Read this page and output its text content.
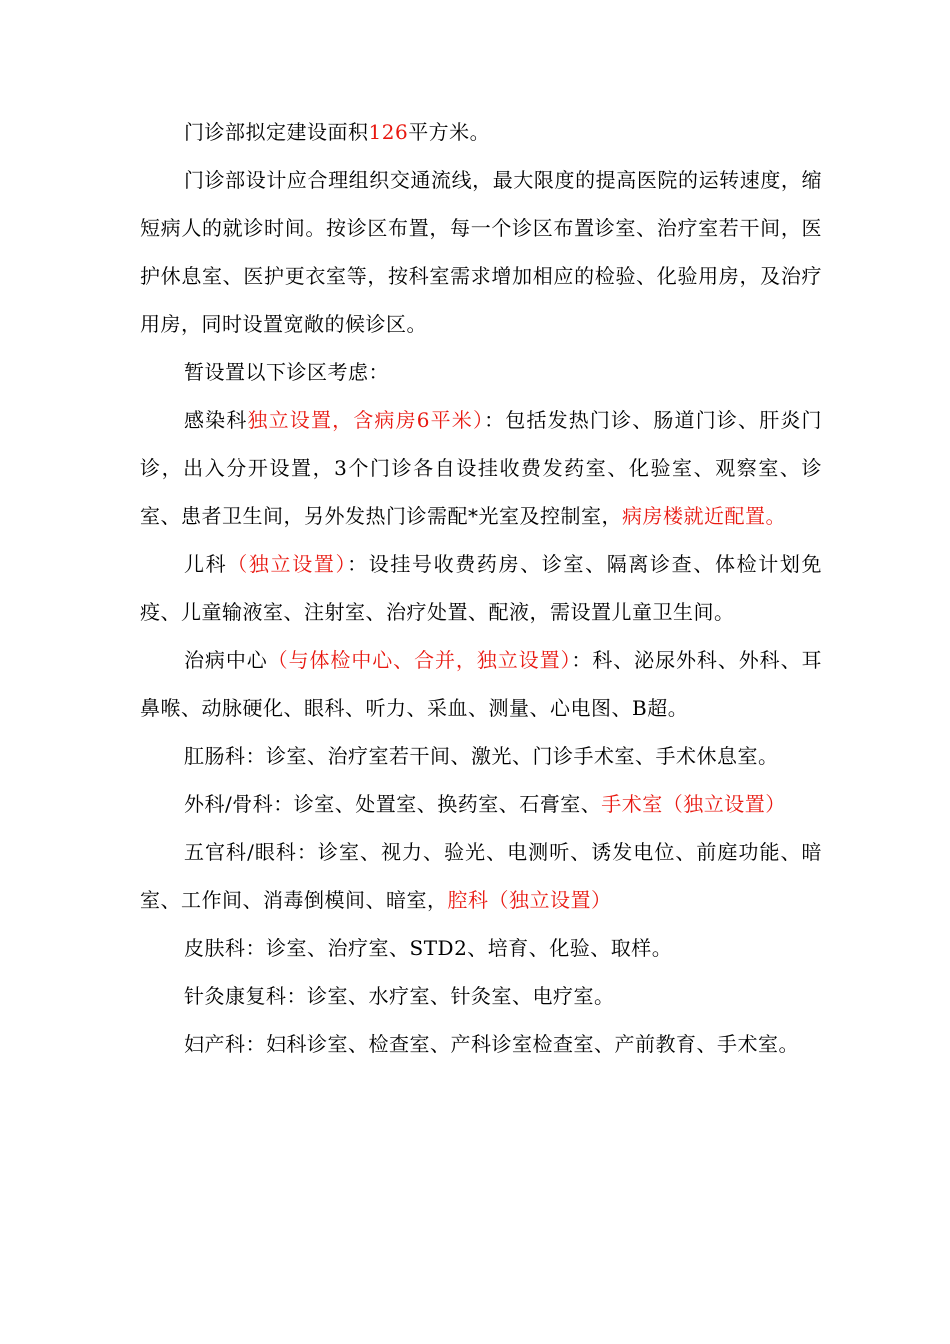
门诊部拟定建设面积126平方米。

门诊部设计应合理组织交通流线，最大限度的提高医院的运转速度，缩短病人的就诊时间。按诊区布置，每一个诊区布置诊室、治疗室若干间，医护休息室、医护更衣室等，按科室需求增加相应的检验、化验用房，及治疗用房，同时设置宽敞的候诊区。

暂设置以下诊区考虑：

感染科独立设置，含病房6平米）：包括发热门诊、肠道门诊、肝炎门诊，出入分开设置，3个门诊各自设挂收费发药室、化验室、观察室、诊室、患者卫生间，另外发热门诊需配*光室及控制室，病房楼就近配置。

儿科（独立设置）：设挂号收费药房、诊室、隔离诊查、体检计划免疫、儿童输液室、注射室、治疗处置、配液，需设置儿童卫生间。

治病中心（与体检中心、合并，独立设置）：科、泌尿外科、外科、耳鼻喉、动脉硬化、眼科、听力、采血、测量、心电图、B超。

肛肠科：诊室、治疗室若干间、激光、门诊手术室、手术休息室。

外科/骨科：诊室、处置室、换药室、石膏室、手术室（独立设置）

五官科/眼科：诊室、视力、验光、电测听、诱发电位、前庭功能、暗室、工作间、消毒倒模间、暗室，腔科（独立设置）

皮肤科：诊室、治疗室、STD2、培育、化验、取样。

针灸康复科：诊室、水疗室、针灸室、电疗室。

妇产科：妇科诊室、检查室、产科诊室检查室、产前教育、手术室。
